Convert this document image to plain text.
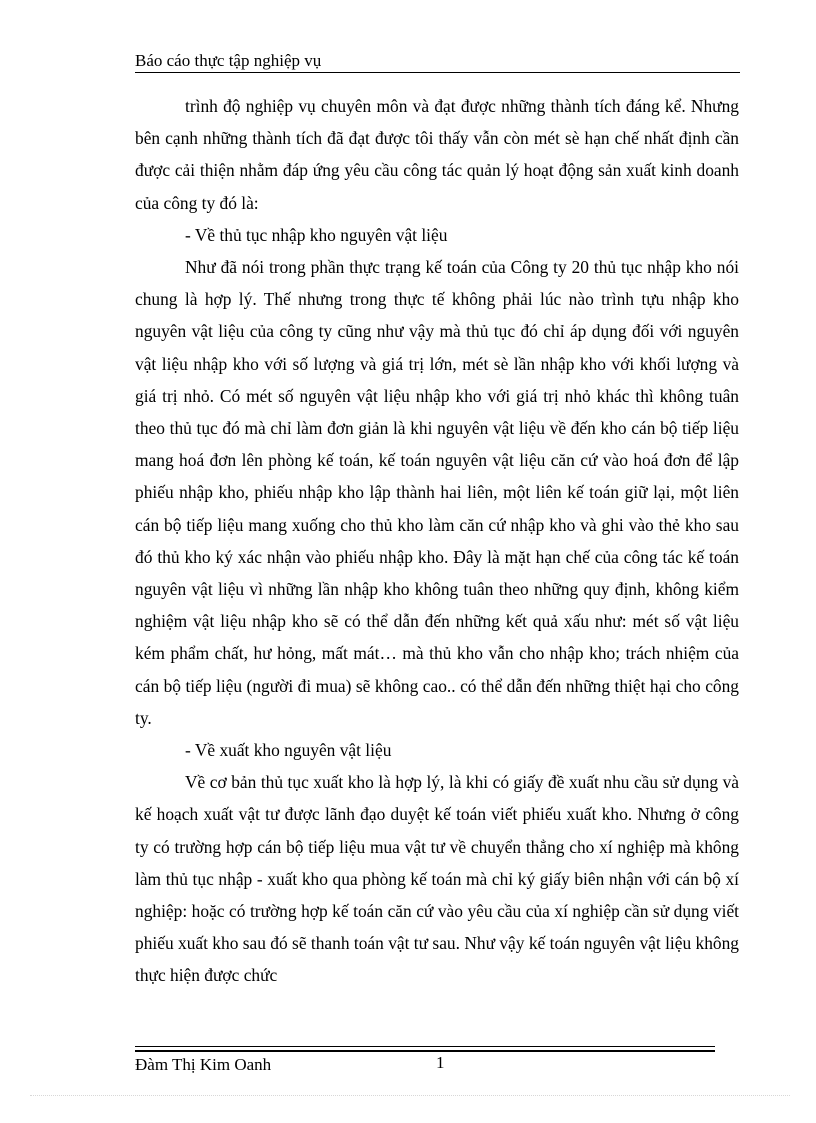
Báo cáo thực tập nghiệp vụ

trình độ nghiệp vụ chuyên môn và đạt được những thành tích đáng kể. Nhưng bên cạnh những thành tích đã đạt được tôi thấy vẫn còn mét sè hạn chế nhất định cần được cải thiện nhằm đáp ứng yêu cầu công tác quản lý hoạt động sản xuất kinh doanh của công ty đó là:

- Về thủ tục nhập kho nguyên vật liệu

Như đã nói trong phần thực trạng kế toán của Công ty 20 thủ tục nhập kho nói chung là hợp lý. Thế nhưng trong thực tế không phải lúc nào trình tựu nhập kho nguyên vật liệu của công ty cũng như vậy mà thủ tục đó chỉ áp dụng đối với nguyên vật liệu nhập kho với số lượng và giá trị lớn, mét sè lần nhập kho với khối lượng và giá trị nhỏ. Có mét số nguyên vật liệu nhập kho với giá trị nhỏ khác thì không tuân theo thủ tục đó mà chỉ làm đơn giản là khi nguyên vật liệu về đến kho cán bộ tiếp liệu mang hoá đơn lên phòng kế toán, kế toán nguyên vật liệu căn cứ vào hoá đơn để lập phiếu nhập kho, phiếu nhập kho lập thành hai liên, một liên kế toán giữ lại, một liên cán bộ tiếp liệu mang xuống cho thủ kho làm căn cứ nhập kho và ghi vào thẻ kho sau đó thủ kho ký xác nhận vào phiếu nhập kho. Đây là mặt hạn chế của công tác kế toán nguyên vật liệu vì những lần nhập kho không tuân theo những quy định, không kiểm nghiệm vật liệu nhập kho sẽ có thể dẫn đến những kết quả xấu như: mét số vật liệu kém phẩm chất, hư hỏng, mất mát… mà thủ kho vẫn cho nhập kho; trách nhiệm của cán bộ tiếp liệu (người đi mua) sẽ không cao.. có thể dẫn đến những thiệt hại cho công ty.

- Về xuất kho nguyên vật liệu

Về cơ bản thủ tục xuất kho là hợp lý, là khi có giấy đề xuất nhu cầu sử dụng và kế hoạch xuất vật tư được lãnh đạo duyệt kế toán viết phiếu xuất kho. Nhưng ở công ty có trường hợp cán bộ tiếp liệu mua vật tư về chuyển thẳng cho xí nghiệp mà không làm thủ tục nhập - xuất kho qua phòng kế toán mà chỉ ký giấy biên nhận với cán bộ xí nghiệp: hoặc có trường hợp kế toán căn cứ vào yêu cầu của xí nghiệp cần sử dụng viết phiếu xuất kho sau đó sẽ thanh toán vật tư sau. Như vậy kế toán nguyên vật liệu không thực hiện được chức

Đàm Thị Kim Oanh	1
